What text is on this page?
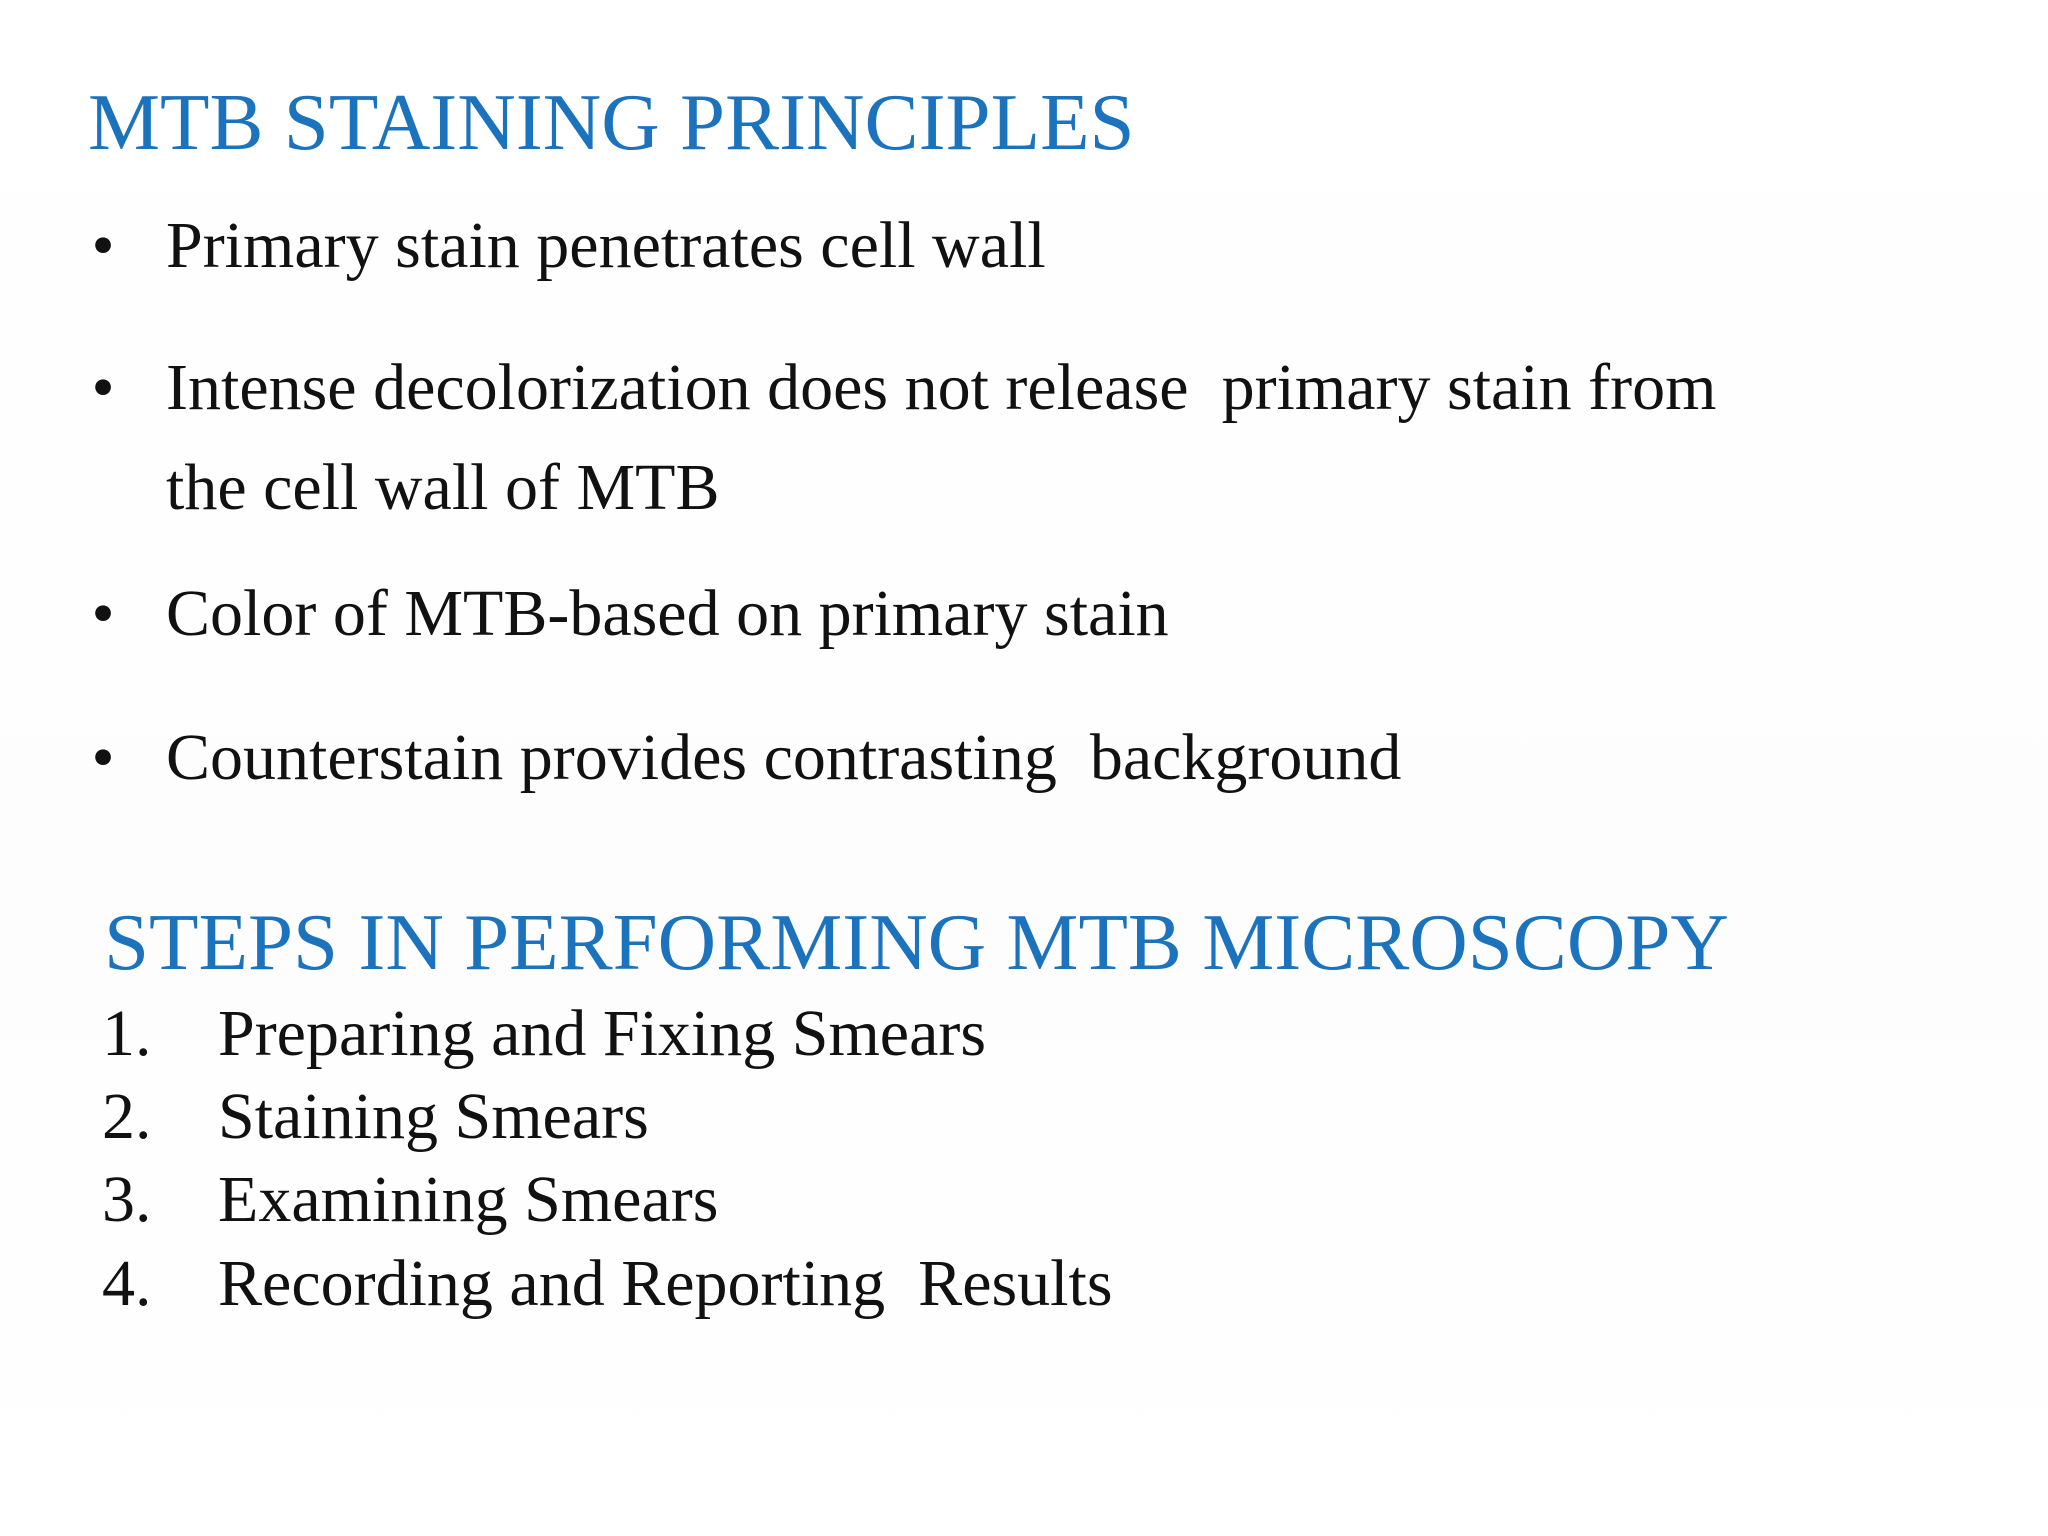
MTB STAINING PRINCIPLES
• Primary stain penetrates cell wall
• Intense decolorization does not release  primary stain from
the cell wall of MTB
• Color of MTB-based on primary stain
• Counterstain provides contrasting  background
STEPS IN PERFORMING MTB MICROSCOPY
1. Preparing and Fixing Smears
2. Staining Smears
3. Examining Smears
4. Recording and Reporting  Results
